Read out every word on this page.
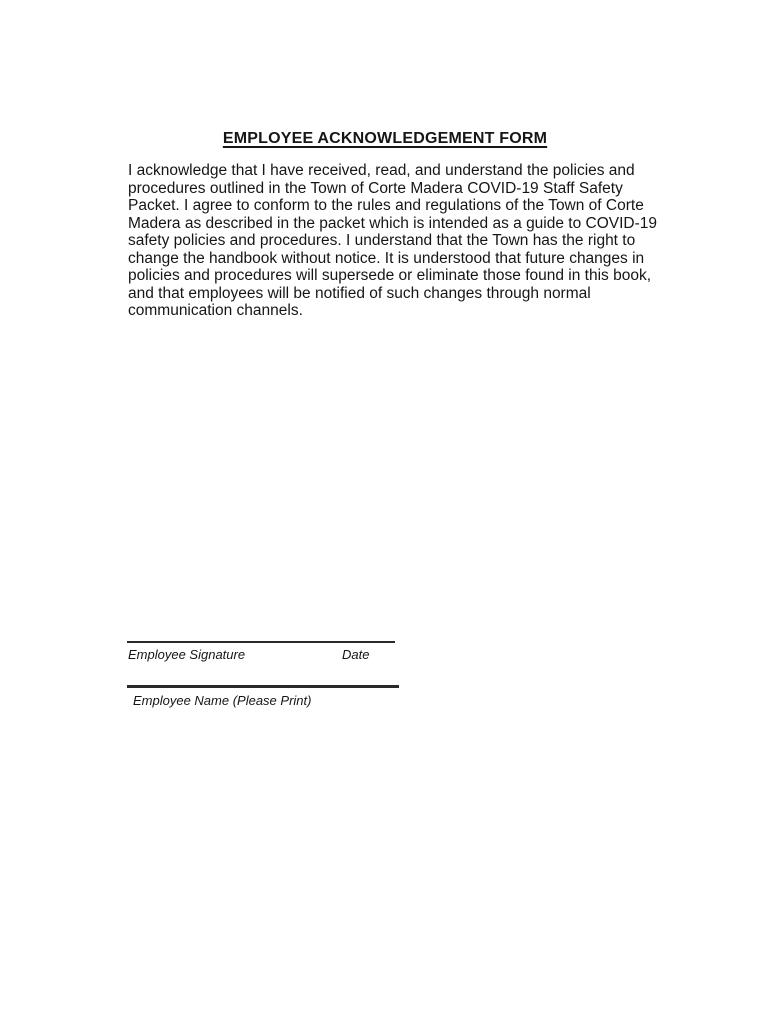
EMPLOYEE ACKNOWLEDGEMENT FORM
I acknowledge that I have received, read, and understand the policies and
procedures outlined in the Town of Corte Madera COVID-19 Staff Safety
Packet. I agree to conform to the rules and regulations of the Town of Corte
Madera as described in the packet which is intended as a guide to COVID-19
safety policies and procedures. I understand that the Town has the right to
change the handbook without notice. It is understood that future changes in
policies and procedures will supersede or eliminate those found in this book,
and that employees will be notified of such changes through normal
communication channels.
Employee Signature	Date
Employee Name (Please Print)
